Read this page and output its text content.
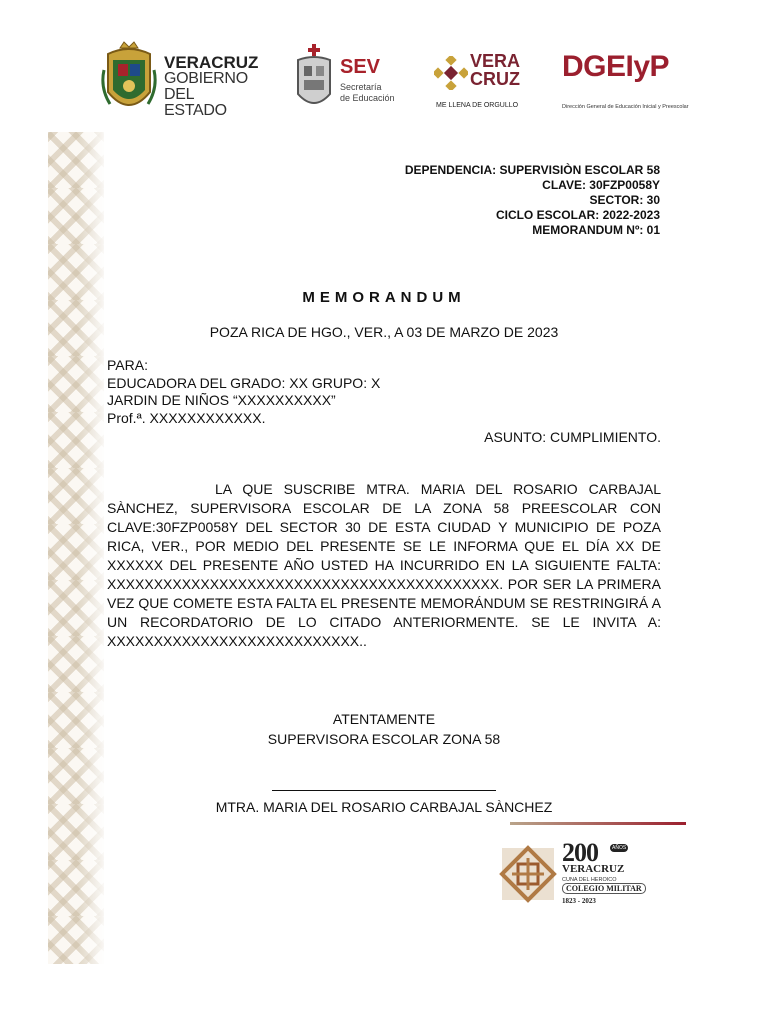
VERACRUZ
GOBIERNO
DEL ESTADO
SEV
Secretaría
de Educación
VERA
CRUZ
ME LLENA DE ORGULLO
DGEIyP
Dirección General de Educación Inicial y Preescolar
DEPENDENCIA: SUPERVISIÒN ESCOLAR 58
CLAVE: 30FZP0058Y
SECTOR: 30
CICLO ESCOLAR: 2022-2023
MEMORANDUM Nº: 01
MEMORANDUM
POZA RICA DE HGO., VER., A 03 DE MARZO DE 2023
PARA:
EDUCADORA DEL GRADO: XX GRUPO: X
JARDIN DE NIÑOS “XXXXXXXXXX”
Prof.ª. XXXXXXXXXXXX.
ASUNTO: CUMPLIMIENTO.
LA QUE SUSCRIBE MTRA. MARIA DEL ROSARIO CARBAJAL SÀNCHEZ, SUPERVISORA ESCOLAR DE LA ZONA 58 PREESCOLAR CON CLAVE:30FZP0058Y DEL SECTOR 30 DE ESTA CIUDAD Y MUNICIPIO DE POZA RICA, VER., POR MEDIO DEL PRESENTE SE LE INFORMA QUE EL DÍA XX DE XXXXXX DEL PRESENTE AÑO USTED HA INCURRIDO EN LA SIGUIENTE FALTA: XXXXXXXXXXXXXXXXXXXXXXXXXXXXXXXXXXXXXXXXXX. POR SER LA PRIMERA VEZ QUE COMETE ESTA FALTA EL PRESENTE MEMORÁNDUM SE RESTRINGIRÁ A UN RECORDATORIO DE LO CITADO ANTERIORMENTE. SE LE INVITA A: XXXXXXXXXXXXXXXXXXXXXXXXXXX..
ATENTAMENTE
SUPERVISORA ESCOLAR ZONA 58
MTRA. MARIA DEL ROSARIO CARBAJAL SÀNCHEZ
200	AÑOS
VERACRUZ
CUNA DEL HEROICO
COLEGIO MILITAR
1823 - 2023
